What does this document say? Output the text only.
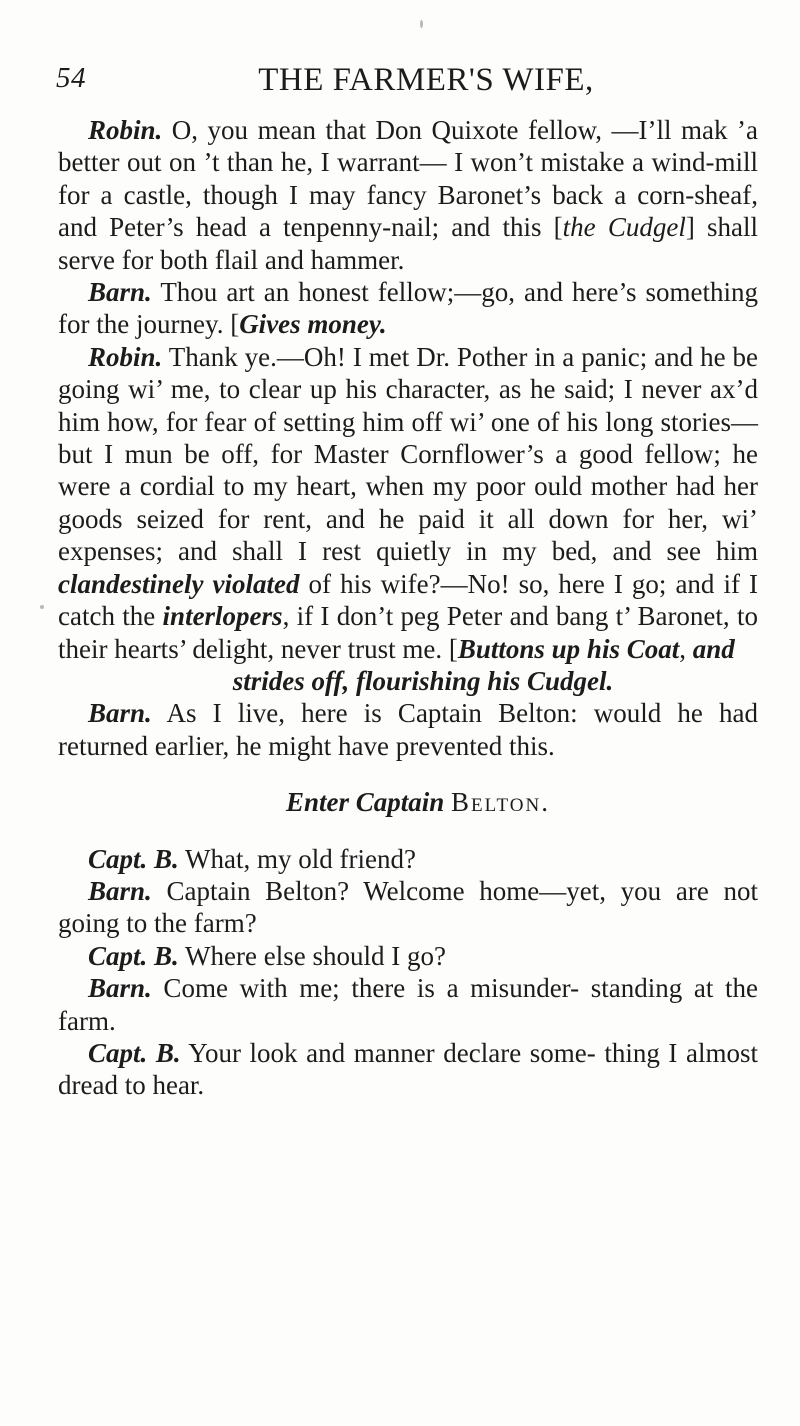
54	THE FARMER'S WIFE,

Robin. O, you mean that Don Quixote fellow, —I’ll mak ’a better out on ’t than he, I warrant— I won’t mistake a wind-mill for a castle, though I may fancy Baronet’s back a corn-sheaf, and Peter’s head a tenpenny-nail; and this [the Cudgel] shall serve for both flail and hammer.

Barn. Thou art an honest fellow;—go, and here’s something for the journey. [Gives money.

Robin. Thank ye.—Oh! I met Dr. Pother in a panic; and he be going wi’ me, to clear up his character, as he said; I never ax’d him how, for fear of setting him off wi’ one of his long stories— but I mun be off, for Master Cornflower’s a good fellow; he were a cordial to my heart, when my poor ould mother had her goods seized for rent, and he paid it all down for her, wi’ expenses; and shall I rest quietly in my bed, and see him clandestinely violated of his wife?—No! so, here I go; and if I catch the interlopers, if I don’t peg Peter and bang t’ Baronet, to their hearts’ delight, never trust me. [Buttons up his Coat, and

strides off, flourishing his Cudgel.

Barn. As I live, here is Captain Belton: would he had returned earlier, he might have prevented this.

Enter Captain Belton.

Capt. B. What, my old friend?

Barn. Captain Belton? Welcome home—yet, you are not going to the farm?

Capt. B. Where else should I go?

Barn. Come with me; there is a misunder- standing at the farm.

Capt. B. Your look and manner declare some- thing I almost dread to hear.
